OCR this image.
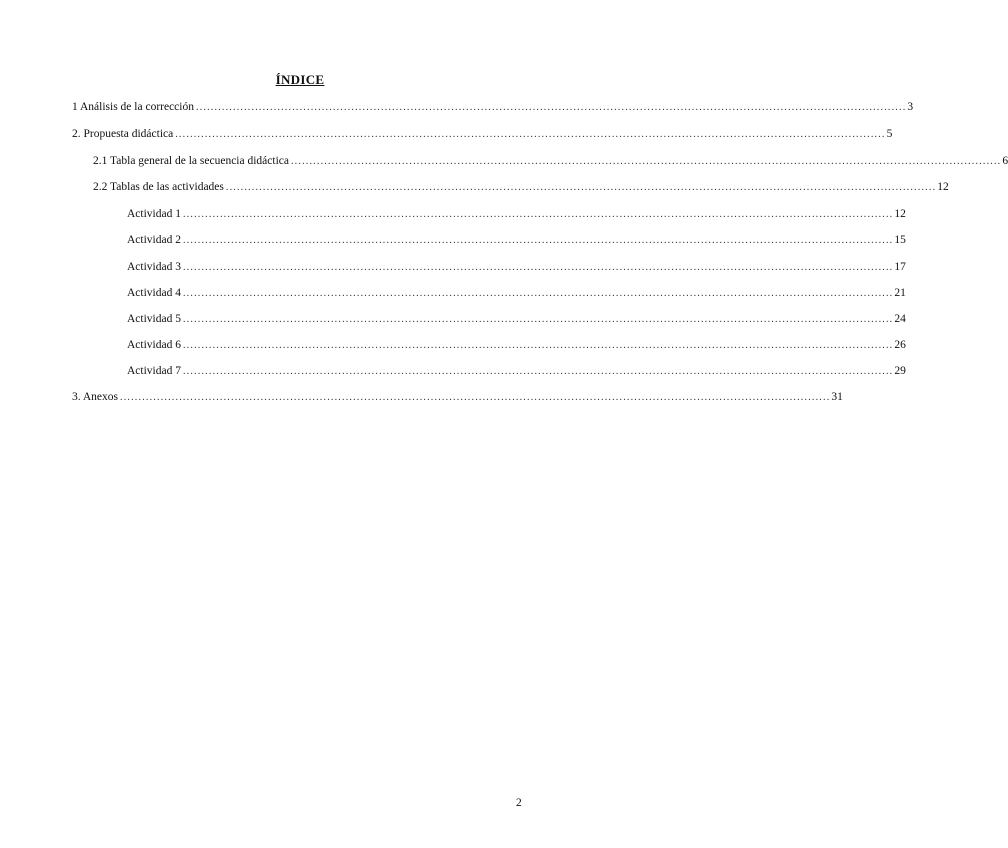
ÍNDICE
1 Análisis de la corrección ................................................................................................................................................................................................ 3
2. Propuesta didáctica ................................................................................................................................................................................................ 5
2.1 Tabla general de la secuencia didáctica ................................................................................................................................................................................................ 6
2.2 Tablas de las actividades ................................................................................................................................................................................................ 12
Actividad 1 ................................................................................................................................................................................................ 12
Actividad 2 ................................................................................................................................................................................................ 15
Actividad 3 ................................................................................................................................................................................................ 17
Actividad 4 ................................................................................................................................................................................................ 21
Actividad 5 ................................................................................................................................................................................................ 24
Actividad 6 ................................................................................................................................................................................................ 26
Actividad 7 ................................................................................................................................................................................................ 29
3. Anexos ................................................................................................................................................................................................ 31
2
